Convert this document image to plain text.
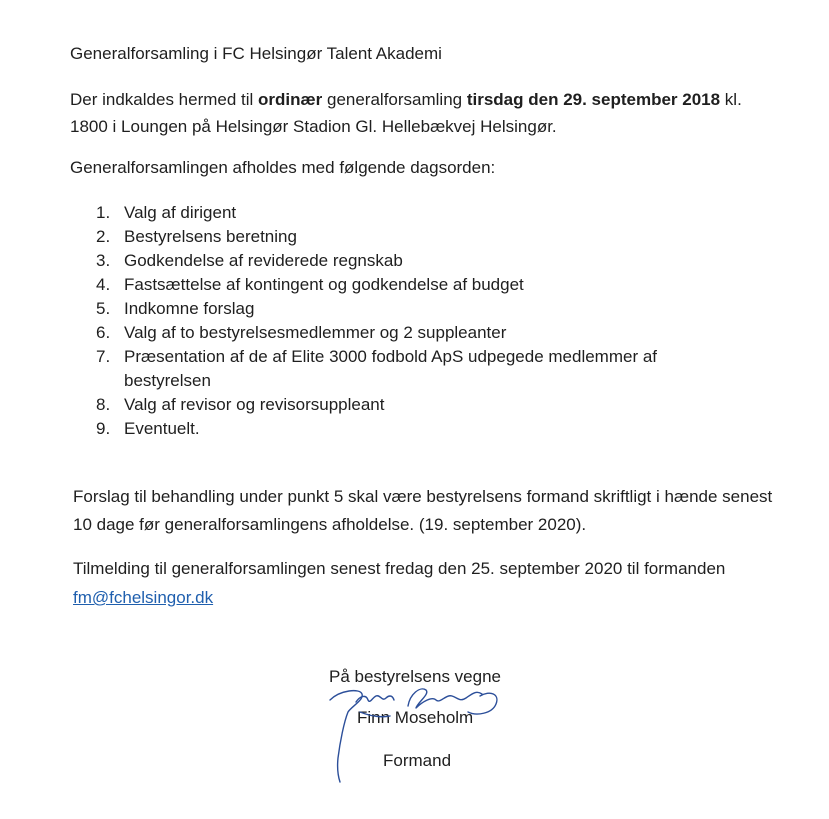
Generalforsamling i FC Helsingør Talent Akademi
Der indkaldes hermed til ordinær generalforsamling tirsdag den 29. september 2018 kl. 1800 i Loungen på Helsingør Stadion Gl. Hellebækvej Helsingør.
Generalforsamlingen afholdes med følgende dagsorden:
1. Valg af dirigent
2. Bestyrelsens beretning
3. Godkendelse af reviderede regnskab
4. Fastsættelse af kontingent og godkendelse af budget
5. Indkomne forslag
6. Valg af to bestyrelsesmedlemmer og 2 suppleanter
7. Præsentation af de af Elite 3000 fodbold ApS udpegede medlemmer af bestyrelsen
8. Valg af revisor og revisorsuppleant
9. Eventuelt.
Forslag til behandling under punkt 5 skal være bestyrelsens formand skriftligt i hænde senest 10 dage før generalforsamlingens afholdelse. (19. september 2020).
Tilmelding til generalforsamlingen senest fredag den 25. september 2020 til formanden fm@fchelsingor.dk
På bestyrelsens vegne
Finn Moseholm
Formand
